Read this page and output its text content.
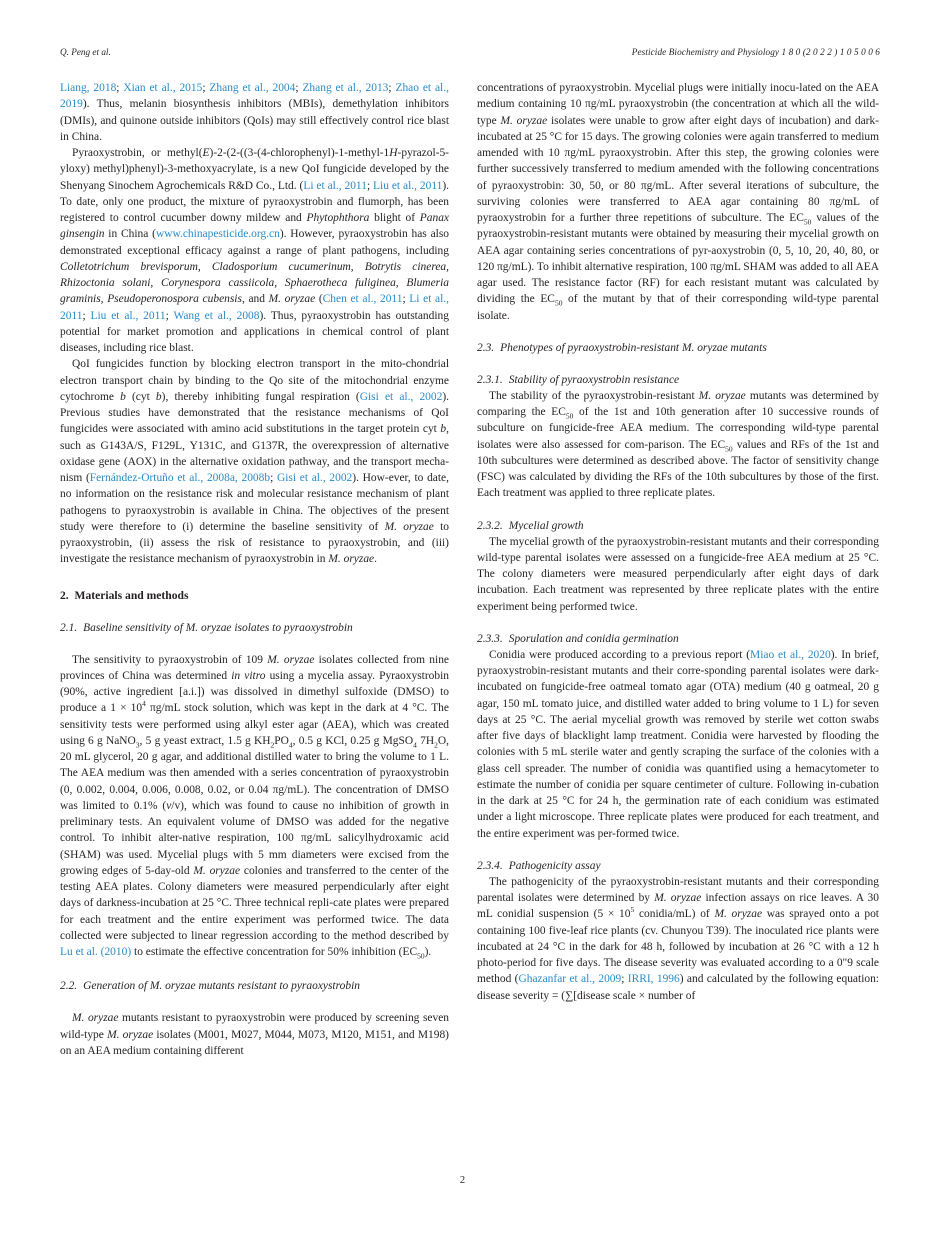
Q. Peng et al.	Pesticide Biochemistry and Physiology 1 8 0 (2 0 2 2 ) 1 0 5 0 0 6

Liang, 2018; Xian et al., 2015; Zhang et al., 2004; Zhang et al., 2013; Zhao et al., 2019). Thus, melanin biosynthesis inhibitors (MBIs), demethylation inhibitors (DMIs), and quinone outside inhibitors (QoIs) may still effectively control rice blast in China.

Pyraoxystrobin, or methyl(E)-2-(2-((3-(4-chlorophenyl)-1-methyl-1H-pyrazol-5-yloxy) methyl)phenyl)-3-methoxyacrylate, is a new QoI fungicide developed by the Shenyang Sinochem Agrochemicals R&D Co., Ltd. (Li et al., 2011; Liu et al., 2011). To date, only one product, the mixture of pyraoxystrobin and flumorph, has been registered to control cucumber downy mildew and Phytophthora blight of Panax ginsengin in China (www.chinapesticide.org.cn). However, pyraoxystrobin has also demonstrated exceptional efficacy against a range of plant pathogens, including Colletotrichum brevisporum, Cladosporium cucumerinum, Botrytis cinerea, Rhizoctonia solani, Corynespora cassiicola, Sphaerotheca fuliginea, Blumeria graminis, Pseudoperonospora cubensis, and M. oryzae (Chen et al., 2011; Li et al., 2011; Liu et al., 2011; Wang et al., 2008). Thus, pyraoxystrobin has outstanding potential for market promotion and applications in chemical control of plant diseases, including rice blast.

QoI fungicides function by blocking electron transport in the mito-chondrial electron transport chain by binding to the Qo site of the mitochondrial enzyme cytochrome b (cyt b), thereby inhibiting fungal respiration (Gisi et al., 2002). Previous studies have demonstrated that the resistance mechanisms of QoI fungicides were associated with amino acid substitutions in the target protein cyt b, such as G143A/S, F129L, Y131C, and G137R, the overexpression of alternative oxidase gene (AOX) in the alternative oxidation pathway, and the transport mecha-nism (Fernández-Ortuño et al., 2008a, 2008b; Gisi et al., 2002). How-ever, to date, no information on the resistance risk and molecular resistance mechanism of plant pathogens to pyraoxystrobin is available in China. The objectives of the present study were therefore to (i) determine the baseline sensitivity of M. oryzae to pyraoxystrobin, (ii) assess the risk of resistance to pyraoxystrobin, and (iii) investigate the resistance mechanism of pyraoxystrobin in M. oryzae.

2. Materials and methods
2.1. Baseline sensitivity of M. oryzae isolates to pyraoxystrobin

The sensitivity to pyraoxystrobin of 109 M. oryzae isolates collected from nine provinces of China was determined in vitro using a mycelia assay. Pyraoxystrobin (90%, active ingredient [a.i.]) was dissolved in dimethyl sulfoxide (DMSO) to produce a $1 \times 10^4$ πg/mL stock solution, which was kept in the dark at 4 °C. The sensitivity tests were performed using alkyl ester agar (AEA), which was created using 6 g NaNO$_3$, 5 g yeast extract, 1.5 g $KH_2PO_4$, 0.5 g KCl, 0.25 g MgSO$_4$ $7H_2O$, 20 mL glycerol, 20 g agar, and additional distilled water to bring the volume to 1 L. The AEA medium was then amended with a series concentration of pyraoxystrobin (0, 0.002, 0.004, 0.006, 0.008, 0.02, or 0.04 πg/mL). The concentration of DMSO was limited to 0.1% (v/v), which was found to cause no inhibition of growth in preliminary tests. An equivalent volume of DMSO was added for the negative control. To inhibit alter-native respiration, 100 πg/mL salicylhydroxamic acid (SHAM) was used. Mycelial plugs with 5 mm diameters were excised from the growing edges of 5-day-old M. oryzae colonies and transferred to the center of the testing AEA plates. Colony diameters were measured perpendicularly after eight days of darkness-incubation at 25 °C. Three technical repli-cate plates were prepared for each treatment and the entire experiment was performed twice. The data collected were subjected to linear regression according to the method described by Lu et al. (2010) to estimate the effective concentration for 50% inhibition $(EC_{50})$.

2.2. Generation of M. oryzae mutants resistant to pyraoxystrobin

M. oryzae mutants resistant to pyraoxystrobin were produced by screening seven wild-type M. oryzae isolates (M001, M027, M044, M073, M120, M151, and M198) on an AEA medium containing different

concentrations of pyraoxystrobin. Mycelial plugs were initially inocu-lated on the AEA medium containing 10 πg/mL pyraoxystrobin (the concentration at which all the wild-type M. oryzae isolates were unable to grow after eight days of incubation) and dark-incubated at 25 °C for 15 days. The growing colonies were again transferred to medium amended with 10 πg/mL pyraoxystrobin. After this step, the growing colonies were further successively transferred to medium amended with the following concentrations of pyraoxystrobin: 30, 50, or 80 πg/mL. After several iterations of subculture, the surviving colonies were transferred to AEA agar containing 80 πg/mL of pyraoxystrobin for a further three repetitions of subculture. The $EC_{50}$ values of the pyraoxystrobin-resistant mutants were obtained by measuring their mycelial growth on AEA agar containing series concentrations of pyr-aoxystrobin (0, 5, 10, 20, 40, 80, or 120 πg/mL). To inhibit alternative respiration, 100 πg/mL SHAM was added to all AEA agar used. The resistance factor (RF) for each resistant mutant was calculated by dividing the $EC_{50}$ of the mutant by that of their corresponding wild-type parental isolate.

2.3. Phenotypes of pyraoxystrobin-resistant M. oryzae mutants
2.3.1. Stability of pyraoxystrobin resistance

The stability of the pyraoxystrobin-resistant M. oryzae mutants was determined by comparing the $EC_{50}$ of the 1st and 10th generation after 10 successive rounds of subculture on fungicide-free AEA medium. The corresponding wild-type parental isolates were also assessed for com-parison. The $EC_{50}$ values and RFs of the 1st and 10th subcultures were determined as described above. The factor of sensitivity change (FSC) was calculated by dividing the RFs of the 10th subcultures by those of the first. Each treatment was applied to three replicate plates.

2.3.2. Mycelial growth

The mycelial growth of the pyraoxystrobin-resistant mutants and their corresponding wild-type parental isolates were assessed on a fungicide-free AEA medium at 25 °C. The colony diameters were measured perpendicularly after eight days of dark incubation. Each treatment was represented by three replicate plates with the entire experiment being performed twice.

2.3.3. Sporulation and conidia germination

Conidia were produced according to a previous report (Miao et al., 2020). In brief, pyraoxystrobin-resistant mutants and their corre-sponding parental isolates were dark-incubated on fungicide-free oatmeal tomato agar (OTA) medium (40 g oatmeal, 20 g agar, 150 mL tomato juice, and distilled water added to bring volume to 1 L) for seven days at 25 °C. The aerial mycelial growth was removed by sterile wet cotton swabs after five days of blacklight lamp treatment. Conidia were harvested by flooding the colonies with 5 mL sterile water and gently scraping the surface of the colonies with a glass cell spreader. The number of conidia was quantified using a hemacytometer to estimate the number of conidia per square centimeter of culture. Following in-cubation in the dark at 25 °C for 24 h, the germination rate of each conidium was estimated under a light microscope. Three replicate plates were produced for each treatment, and the entire experiment was per-formed twice.

2.3.4. Pathogenicity assay

The pathogenicity of the pyraoxystrobin-resistant mutants and their corresponding parental isolates were determined by M. oryzae infection assays on rice leaves. A 30 mL conidial suspension ($5 \times 10^5$ conidia/mL) of M. oryzae was sprayed onto a pot containing 100 five-leaf rice plants (cv. Chunyou T39). The inoculated rice plants were incubated at 24 °C in the dark for 48 h, followed by incubation at 26 °C with a 12 h photo-period for five days. The disease severity was evaluated according to a 0"9 scale method (Ghazanfar et al., 2009; IRRI, 1996) and calculated by the following equation: disease severity = (∑[disease scale × number of

2
